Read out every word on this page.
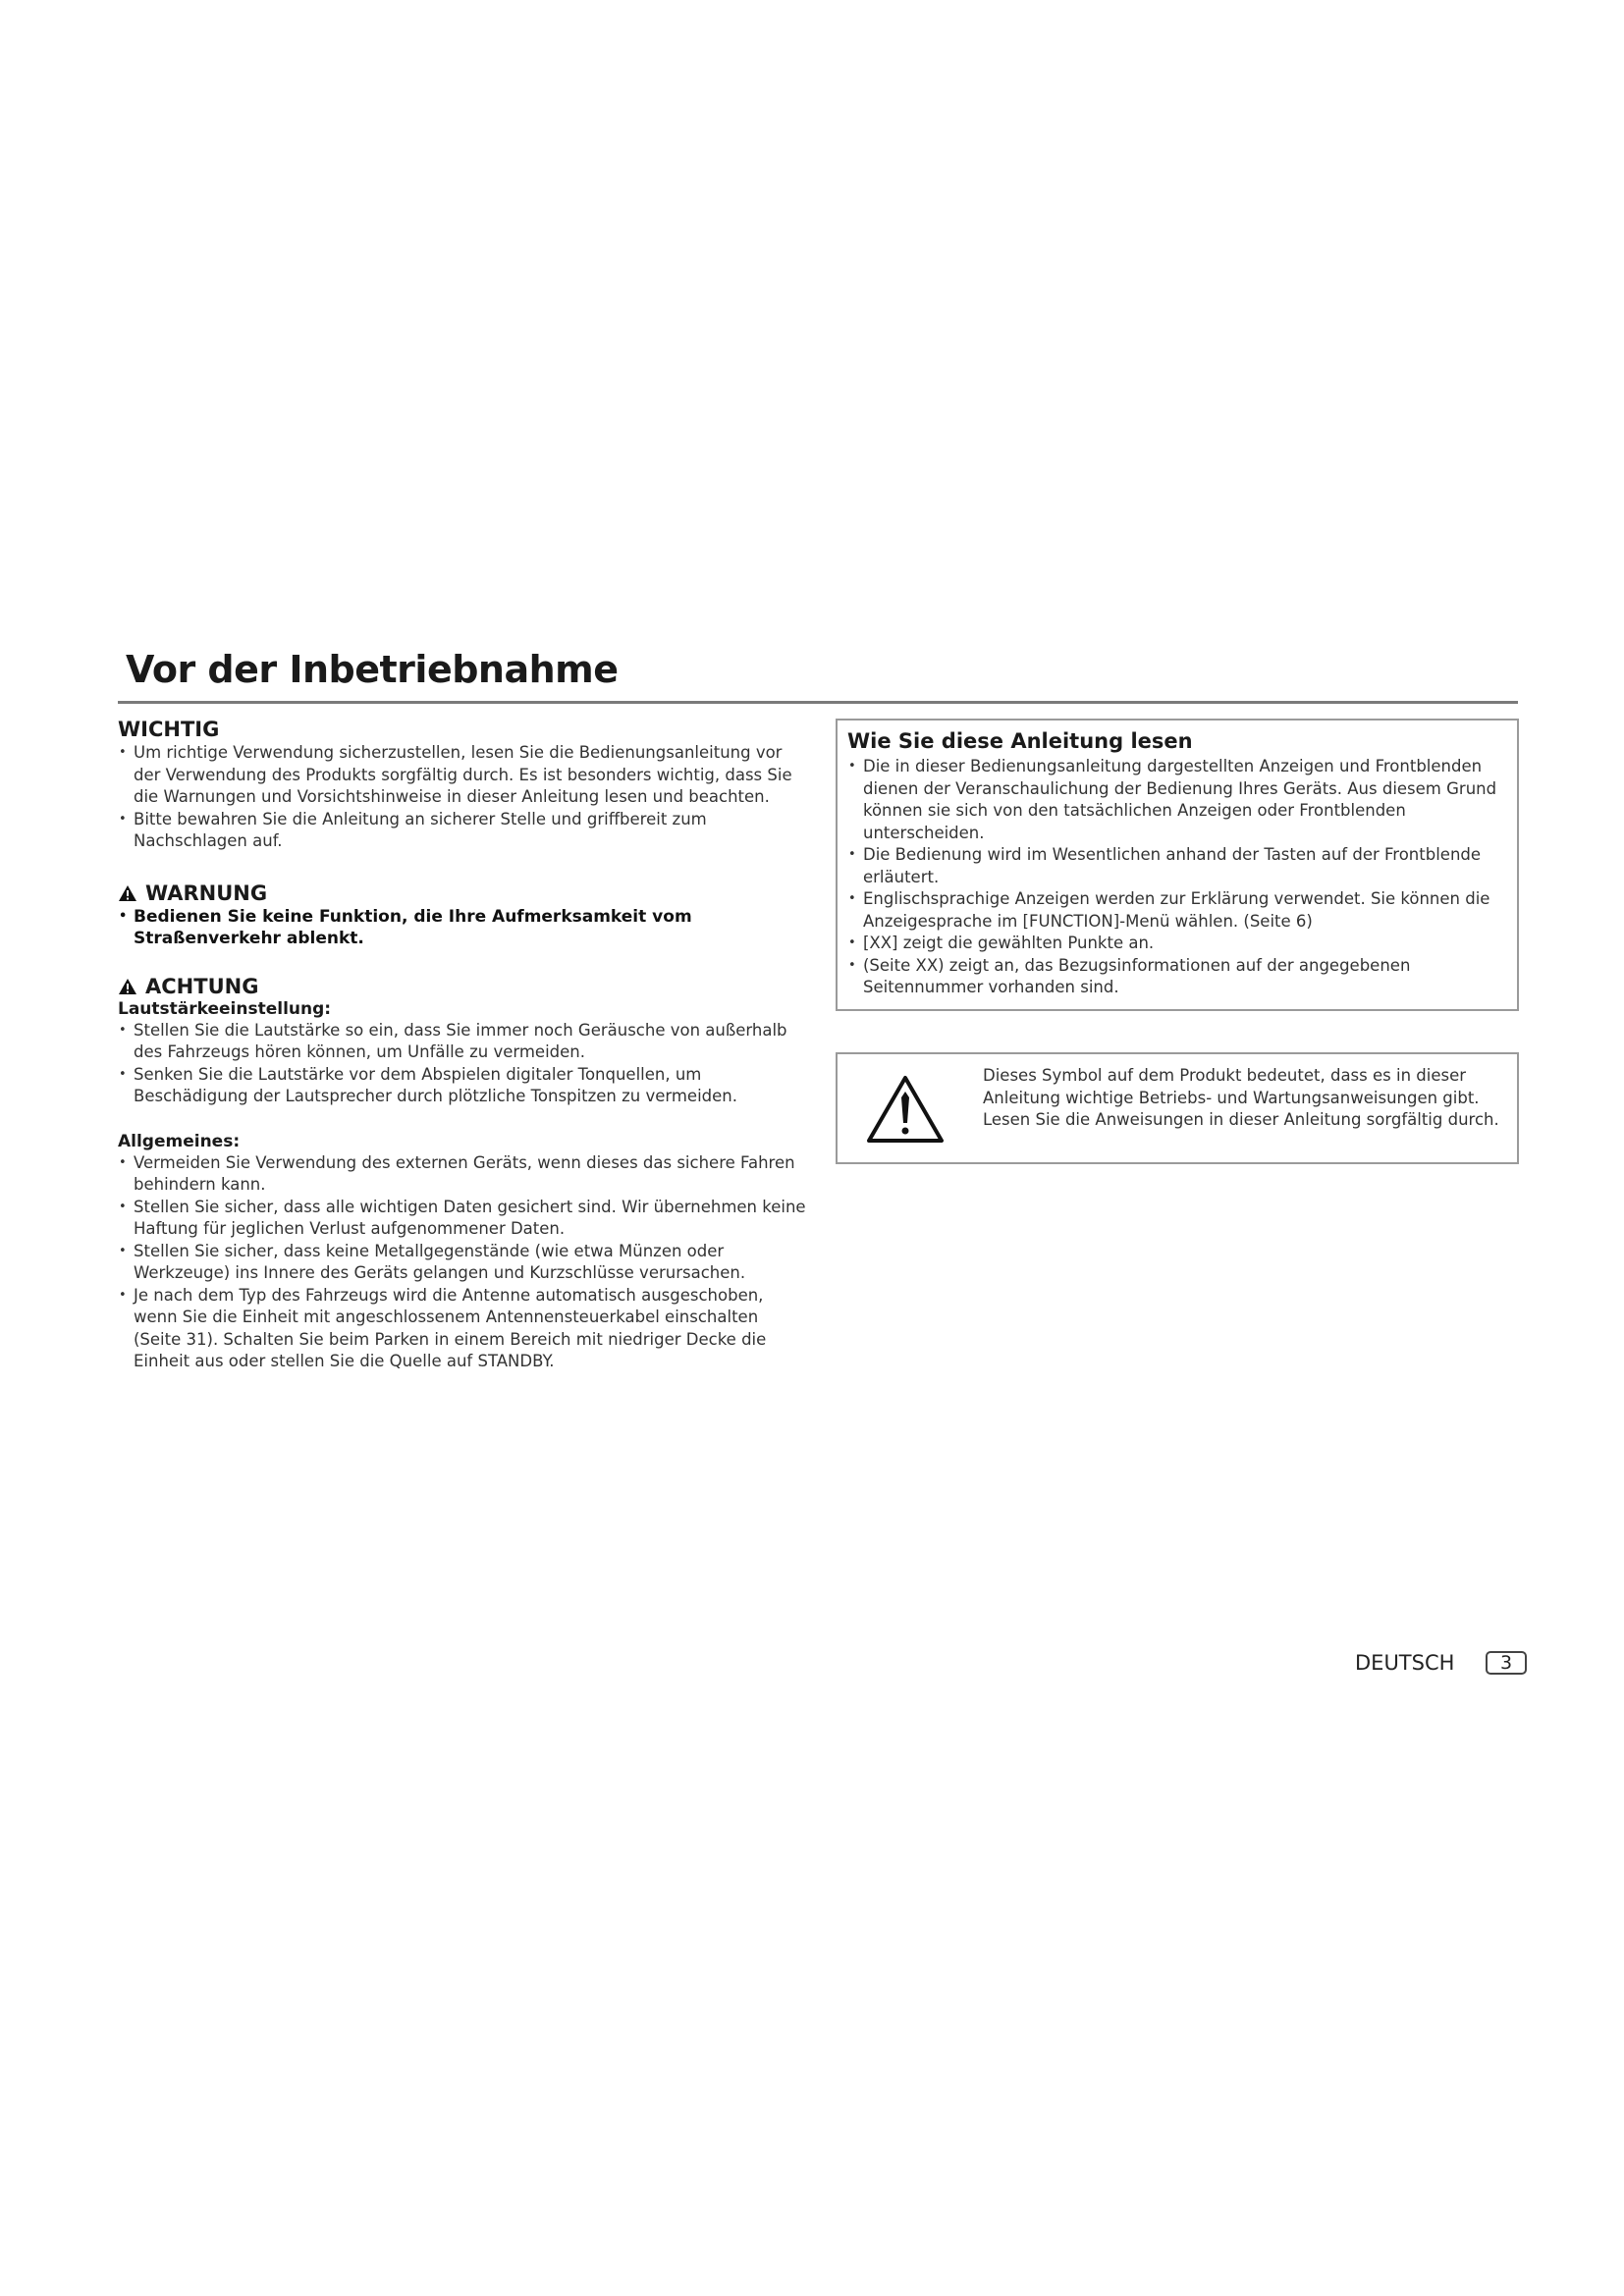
Vor der Inbetriebnahme
WICHTIG
• Um richtige Verwendung sicherzustellen, lesen Sie die Bedienungsanleitung vor der Verwendung des Produkts sorgfältig durch. Es ist besonders wichtig, dass Sie die Warnungen und Vorsichtshinweise in dieser Anleitung lesen und beachten.
• Bitte bewahren Sie die Anleitung an sicherer Stelle und griffbereit zum Nachschlagen auf.
WARNUNG
• Bedienen Sie keine Funktion, die Ihre Aufmerksamkeit vom Straßenverkehr ablenkt.
ACHTUNG
Lautstärkeeinstellung:
• Stellen Sie die Lautstärke so ein, dass Sie immer noch Geräusche von außerhalb des Fahrzeugs hören können, um Unfälle zu vermeiden.
• Senken Sie die Lautstärke vor dem Abspielen digitaler Tonquellen, um Beschädigung der Lautsprecher durch plötzliche Tonspitzen zu vermeiden.
Allgemeines:
• Vermeiden Sie Verwendung des externen Geräts, wenn dieses das sichere Fahren behindern kann.
• Stellen Sie sicher, dass alle wichtigen Daten gesichert sind. Wir übernehmen keine Haftung für jeglichen Verlust aufgenommener Daten.
• Stellen Sie sicher, dass keine Metallgegenstände (wie etwa Münzen oder Werkzeuge) ins Innere des Geräts gelangen und Kurzschlüsse verursachen.
• Je nach dem Typ des Fahrzeugs wird die Antenne automatisch ausgeschoben, wenn Sie die Einheit mit angeschlossenem Antennensteuerkabel einschalten (Seite 31). Schalten Sie beim Parken in einem Bereich mit niedriger Decke die Einheit aus oder stellen Sie die Quelle auf STANDBY.
Wie Sie diese Anleitung lesen
• Die in dieser Bedienungsanleitung dargestellten Anzeigen und Frontblenden dienen der Veranschaulichung der Bedienung Ihres Geräts. Aus diesem Grund können sie sich von den tatsächlichen Anzeigen oder Frontblenden unterscheiden.
• Die Bedienung wird im Wesentlichen anhand der Tasten auf der Frontblende erläutert.
• Englischsprachige Anzeigen werden zur Erklärung verwendet. Sie können die Anzeigesprache im [FUNCTION]-Menü wählen. (Seite 6)
• [XX] zeigt die gewählten Punkte an.
• (Seite XX) zeigt an, das Bezugsinformationen auf der angegebenen Seitennummer vorhanden sind.
Dieses Symbol auf dem Produkt bedeutet, dass es in dieser Anleitung wichtige Betriebs- und Wartungsanweisungen gibt. Lesen Sie die Anweisungen in dieser Anleitung sorgfältig durch.
DEUTSCH	3
